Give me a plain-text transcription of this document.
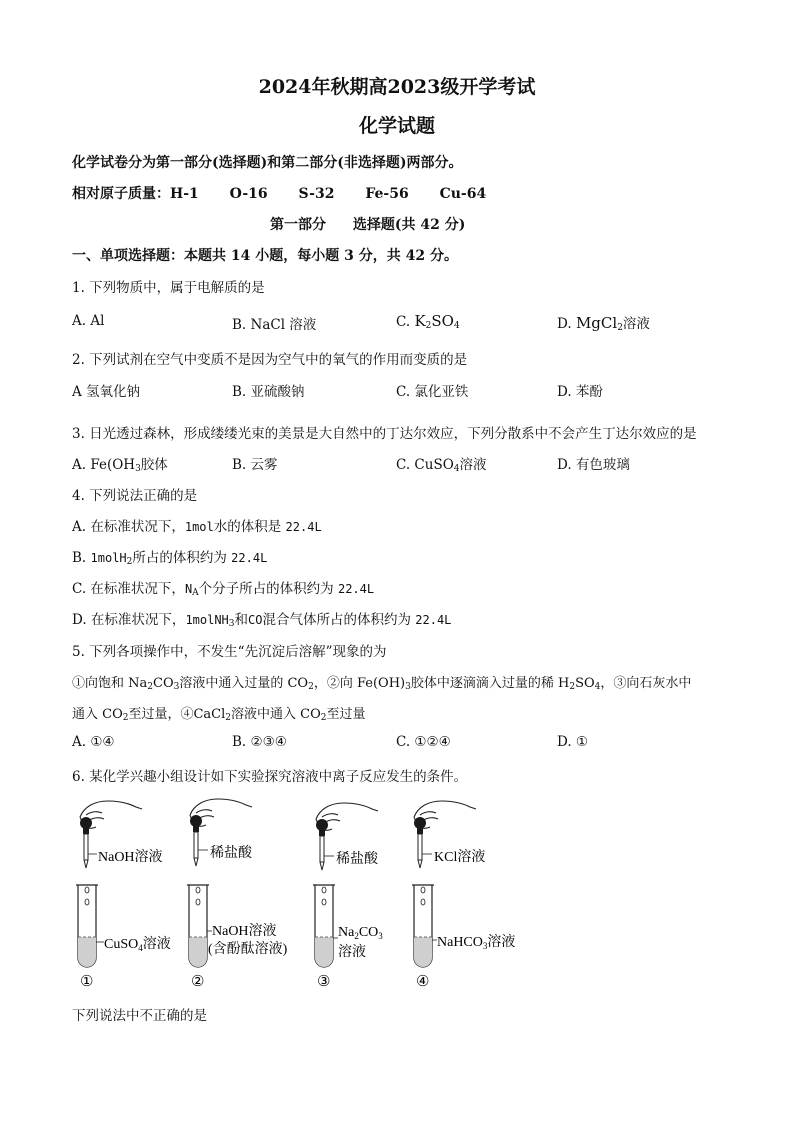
2024年秋期高2023级开学考试
化学试题
化学试卷分为第一部分(选择题)和第二部分(非选择题)两部分。
相对原子质量：H-1 O-16 S-32 Fe-56 Cu-64
第一部分 选择题(共 42 分)
一、单项选择题：本题共 14 小题，每小题 3 分，共 42 分。
1. 下列物质中，属于电解质的是
A. Al	B. NaCl 溶液	C. $K_2SO_4$	D. MgCl$_2$溶液
2. 下列试剂在空气中变质不是因为空气中的氧气的作用而变质的是
A 氢氧化钠	B. 亚硫酸钠	C. 氯化亚铁	D. 苯酚
3. 日光透过森林，形成缕缕光束的美景是大自然中的丁达尔效应，下列分散系中不会产生丁达尔效应的是
A. $Fe(OH_3$胶体	B. 云雾	C. CuSO$_4$溶液	D. 有色玻璃
4. 下列说法正确的是
A. 在标准状况下，1mol水的体积是 22.4L
B. 1molH$_2$所占的体积约为 22.4L
C. 在标准状况下，$N_A$个分子所占的体积约为 22.4L
D. 在标准状况下，1molNH$_3$和CO混合气体所占的体积约为 22.4L
5. 下列各项操作中，不发生“先沉淀后溶解”现象的为
①向饱和 $Na_2CO_3$溶液中通入过量的 $CO_2$，②向 $Fe(OH)_3$胶体中逐滴滴入过量的稀 $H_2SO_4$，③向石灰水中
通入 $CO_2$至过量，④CaCl$_2$溶液中通入 $CO_2$至过量
A. ①④	B. ②③④	C. ①②④	D. ①
6. 某化学兴趣小组设计如下实验探究溶液中离子反应发生的条件。
NaOH溶液	稀盐酸	稀盐酸	KCl溶液
CuSO$_4$溶液
①
NaOH溶液
(含酚酞溶液)
②
$Na_2CO_3$
溶液
③
NaHCO$_3$溶液
④
下列说法中不正确的是
